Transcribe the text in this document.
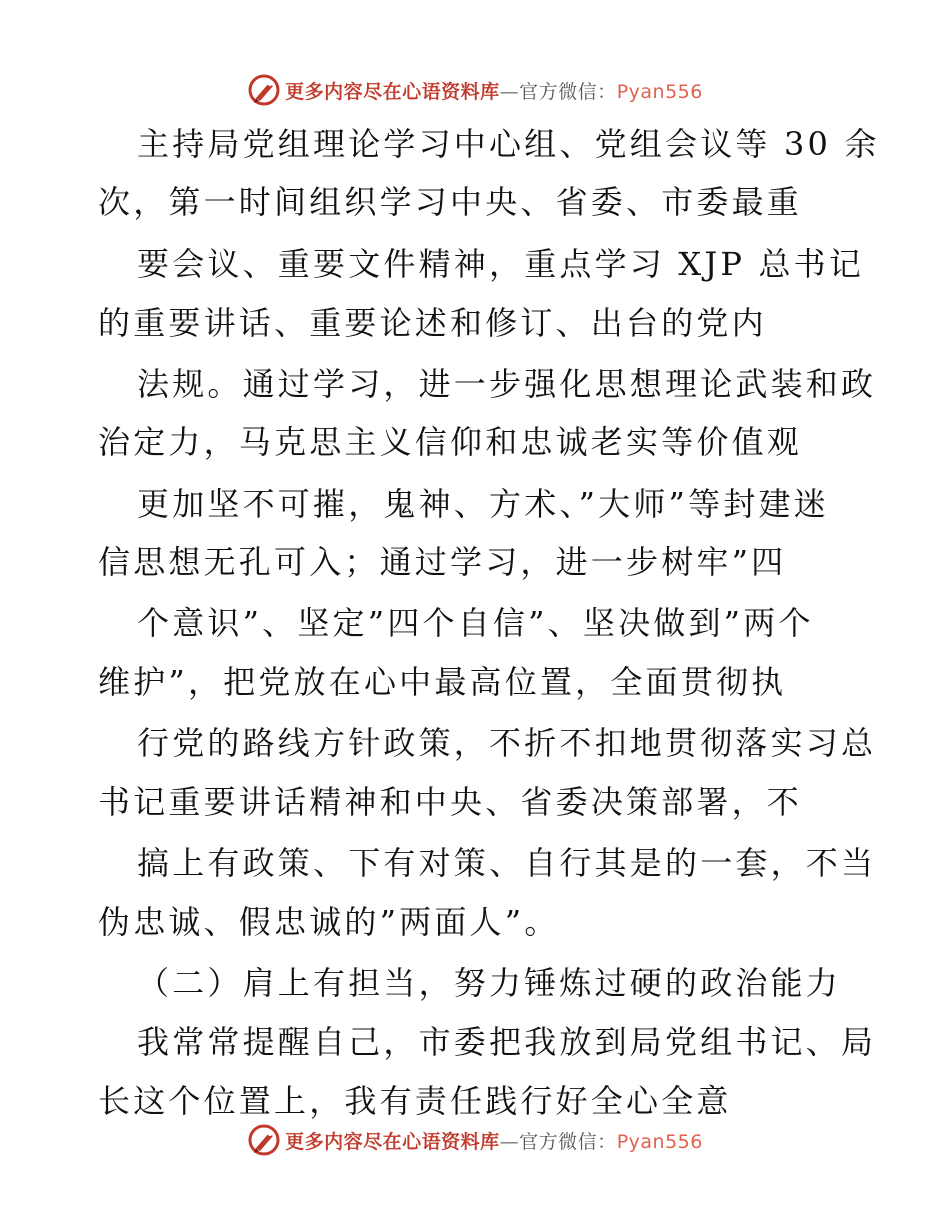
更多内容尽在心语资料库—官方微信：Pyan556
主持局党组理论学习中心组、党组会议等 30 余
次，第一时间组织学习中央、省委、市委最重
要会议、重要文件精神，重点学习 XJP 总书记
的重要讲话、重要论述和修订、出台的党内
法规。通过学习，进一步强化思想理论武装和政
治定力，马克思主义信仰和忠诚老实等价值观
更加坚不可摧，鬼神、方术、”大师”等封建迷
信思想无孔可入；通过学习，进一步树牢”四
个意识”、坚定”四个自信”、坚决做到”两个
维护”，把党放在心中最高位置，全面贯彻执
行党的路线方针政策，不折不扣地贯彻落实习总
书记重要讲话精神和中央、省委决策部署，不
搞上有政策、下有对策、自行其是的一套，不当
伪忠诚、假忠诚的”两面人”。
（二）肩上有担当，努力锤炼过硬的政治能力
我常常提醒自己，市委把我放到局党组书记、局
长这个位置上，我有责任践行好全心全意
更多内容尽在心语资料库—官方微信：Pyan556
